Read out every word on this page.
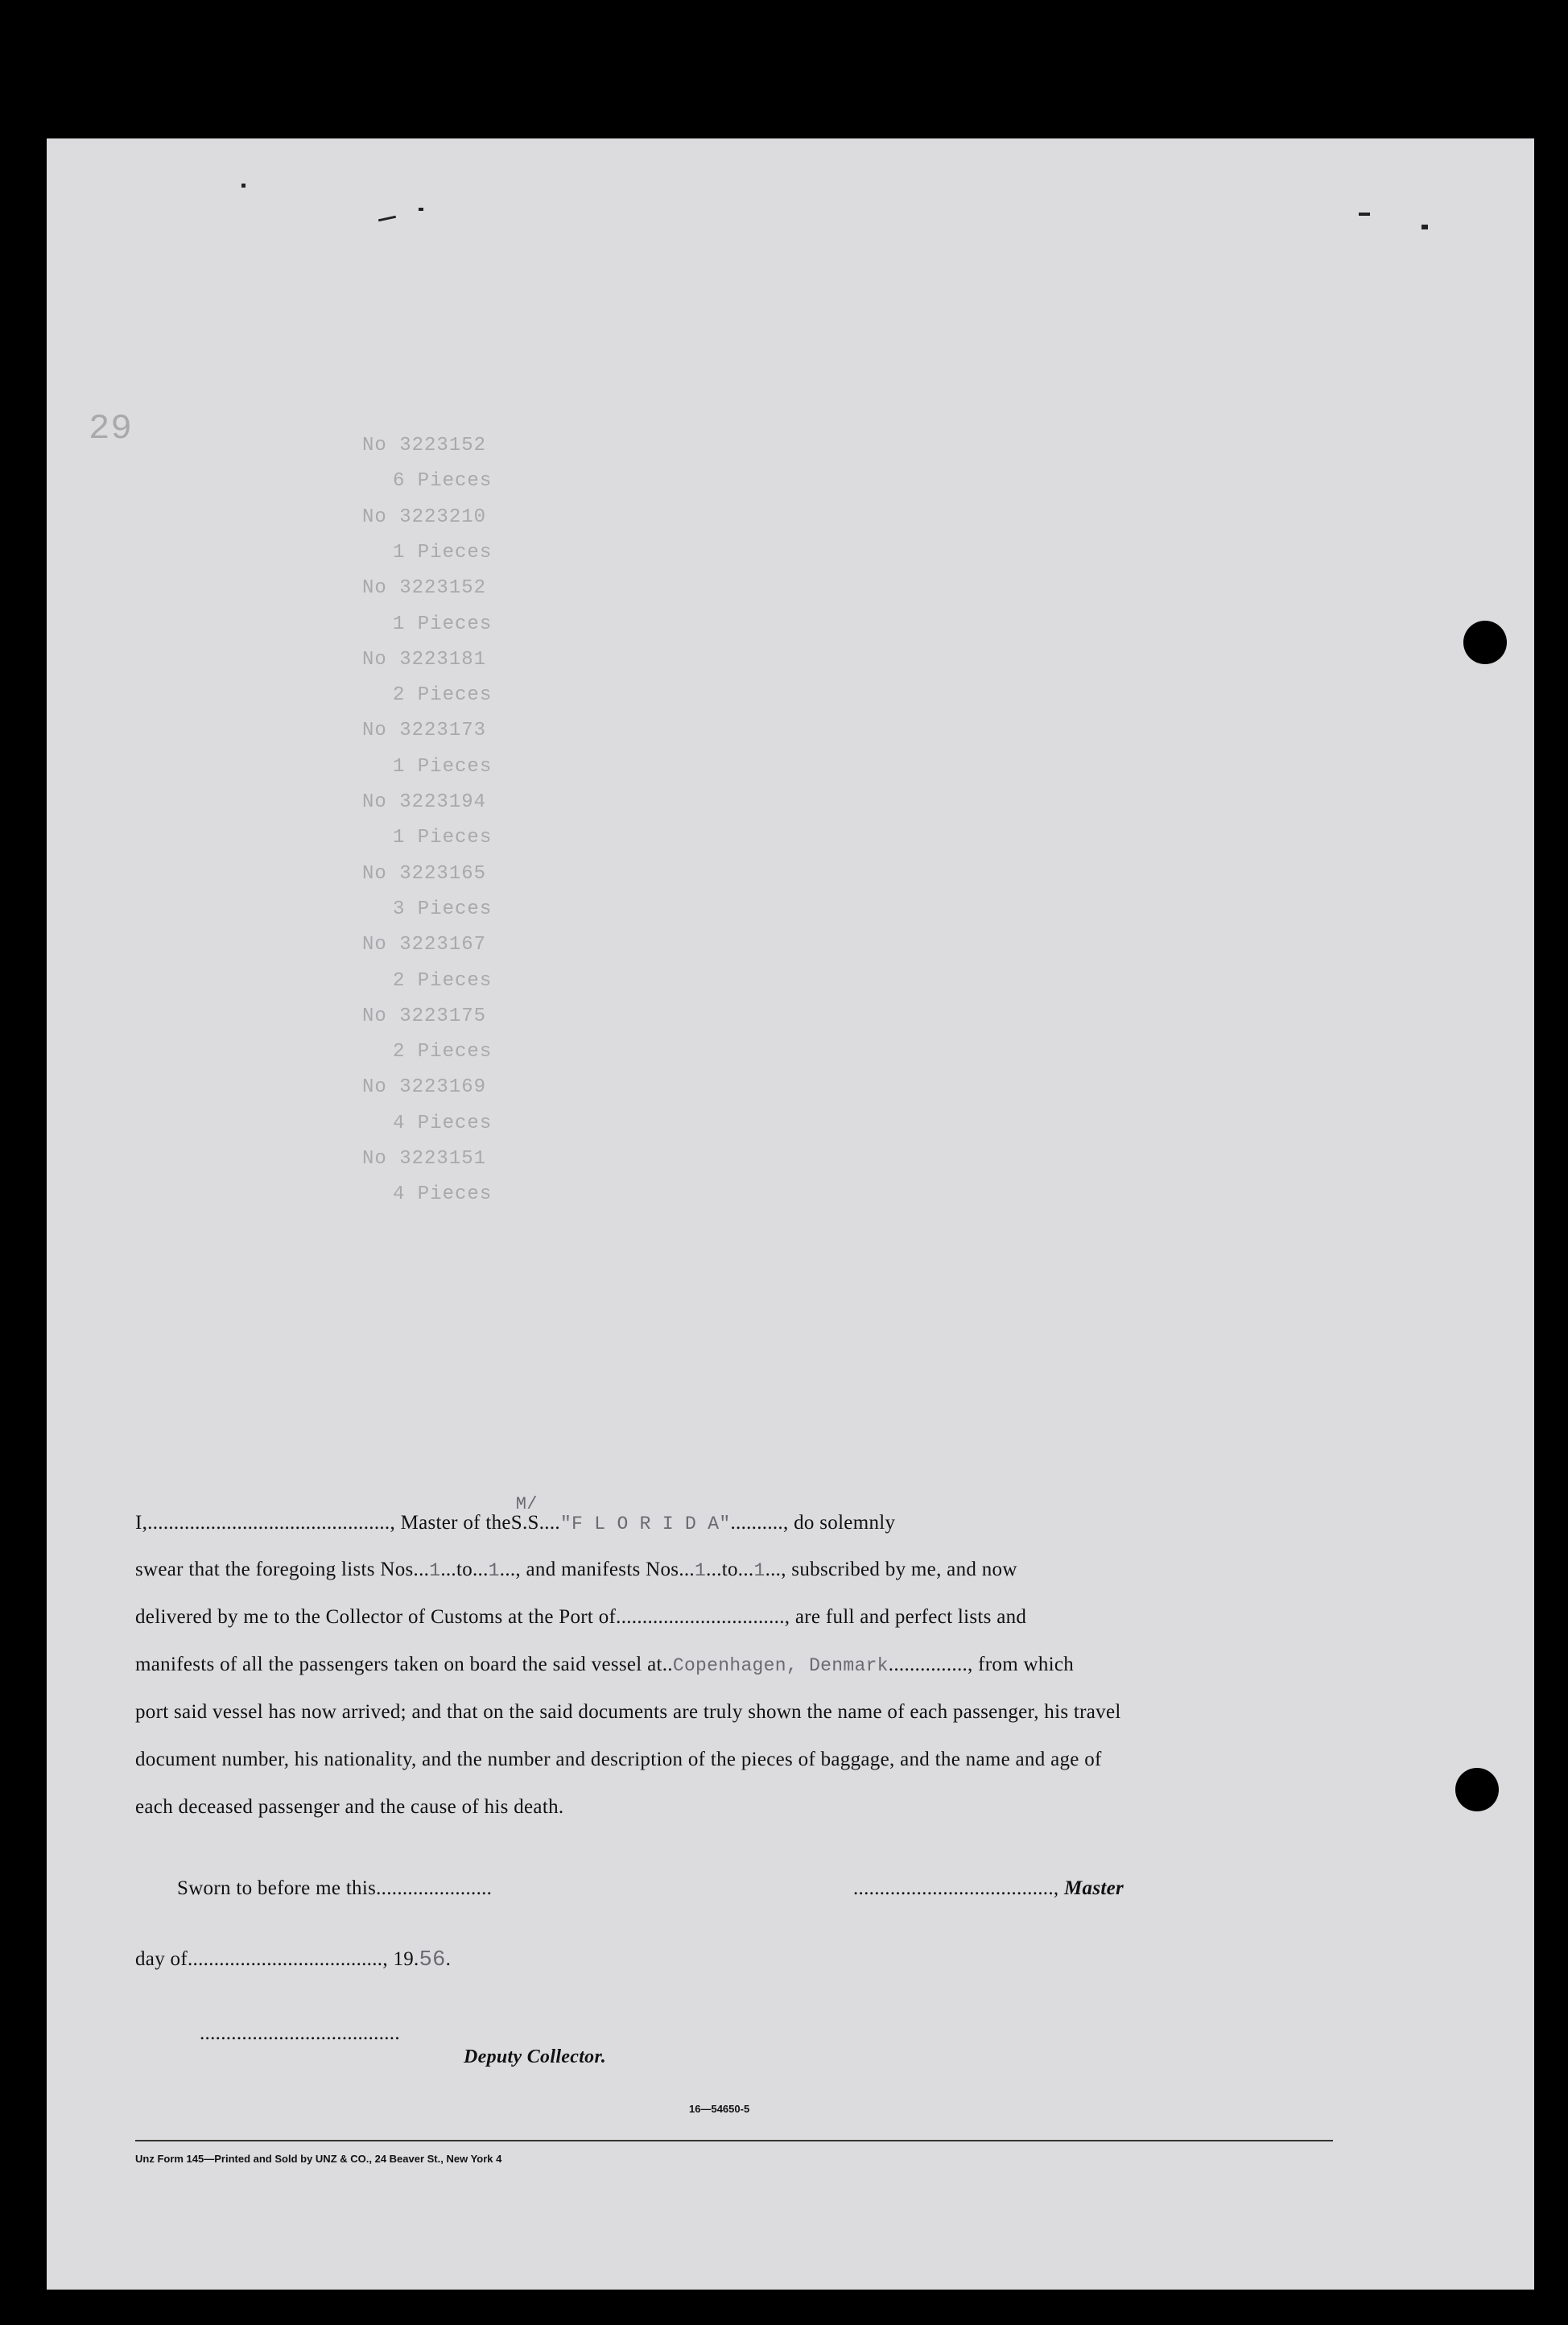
29	No 3223152
6 Pieces
No 3223210
1 Pieces
No 3223152
1 Pieces
No 3223181
2 Pieces
No 3223173
1 Pieces
No 3223194
1 Pieces
No 3223165
3 Pieces
No 3223167
2 Pieces
No 3223175
2 Pieces
No 3223169
4 Pieces
No 3223151
4 Pieces
I,.............................................., Master of the
M/
S.S...."F L O R I D A".........., do solemnly
swear that the foregoing lists Nos...1...to...1..., and manifests Nos...1...to...1..., subscribed by me, and now
delivered by me to the Collector of Customs at the Port of................................, are full and perfect lists and
manifests of all the passengers taken on board the said vessel at..Copenhagen, Denmark..............., from which
port said vessel has now arrived; and that on the said documents are truly shown the name of each passenger, his travel
document number, his nationality, and the number and description of the pieces of baggage, and the name and age of
each deceased passenger and the cause of his death.
Sworn to before me this......................	......................................, Master
day of....................................., 19.56.
......................................
Deputy Collector.
16—54650-5
Unz Form 145—Printed and Sold by UNZ & CO., 24 Beaver St., New York 4
